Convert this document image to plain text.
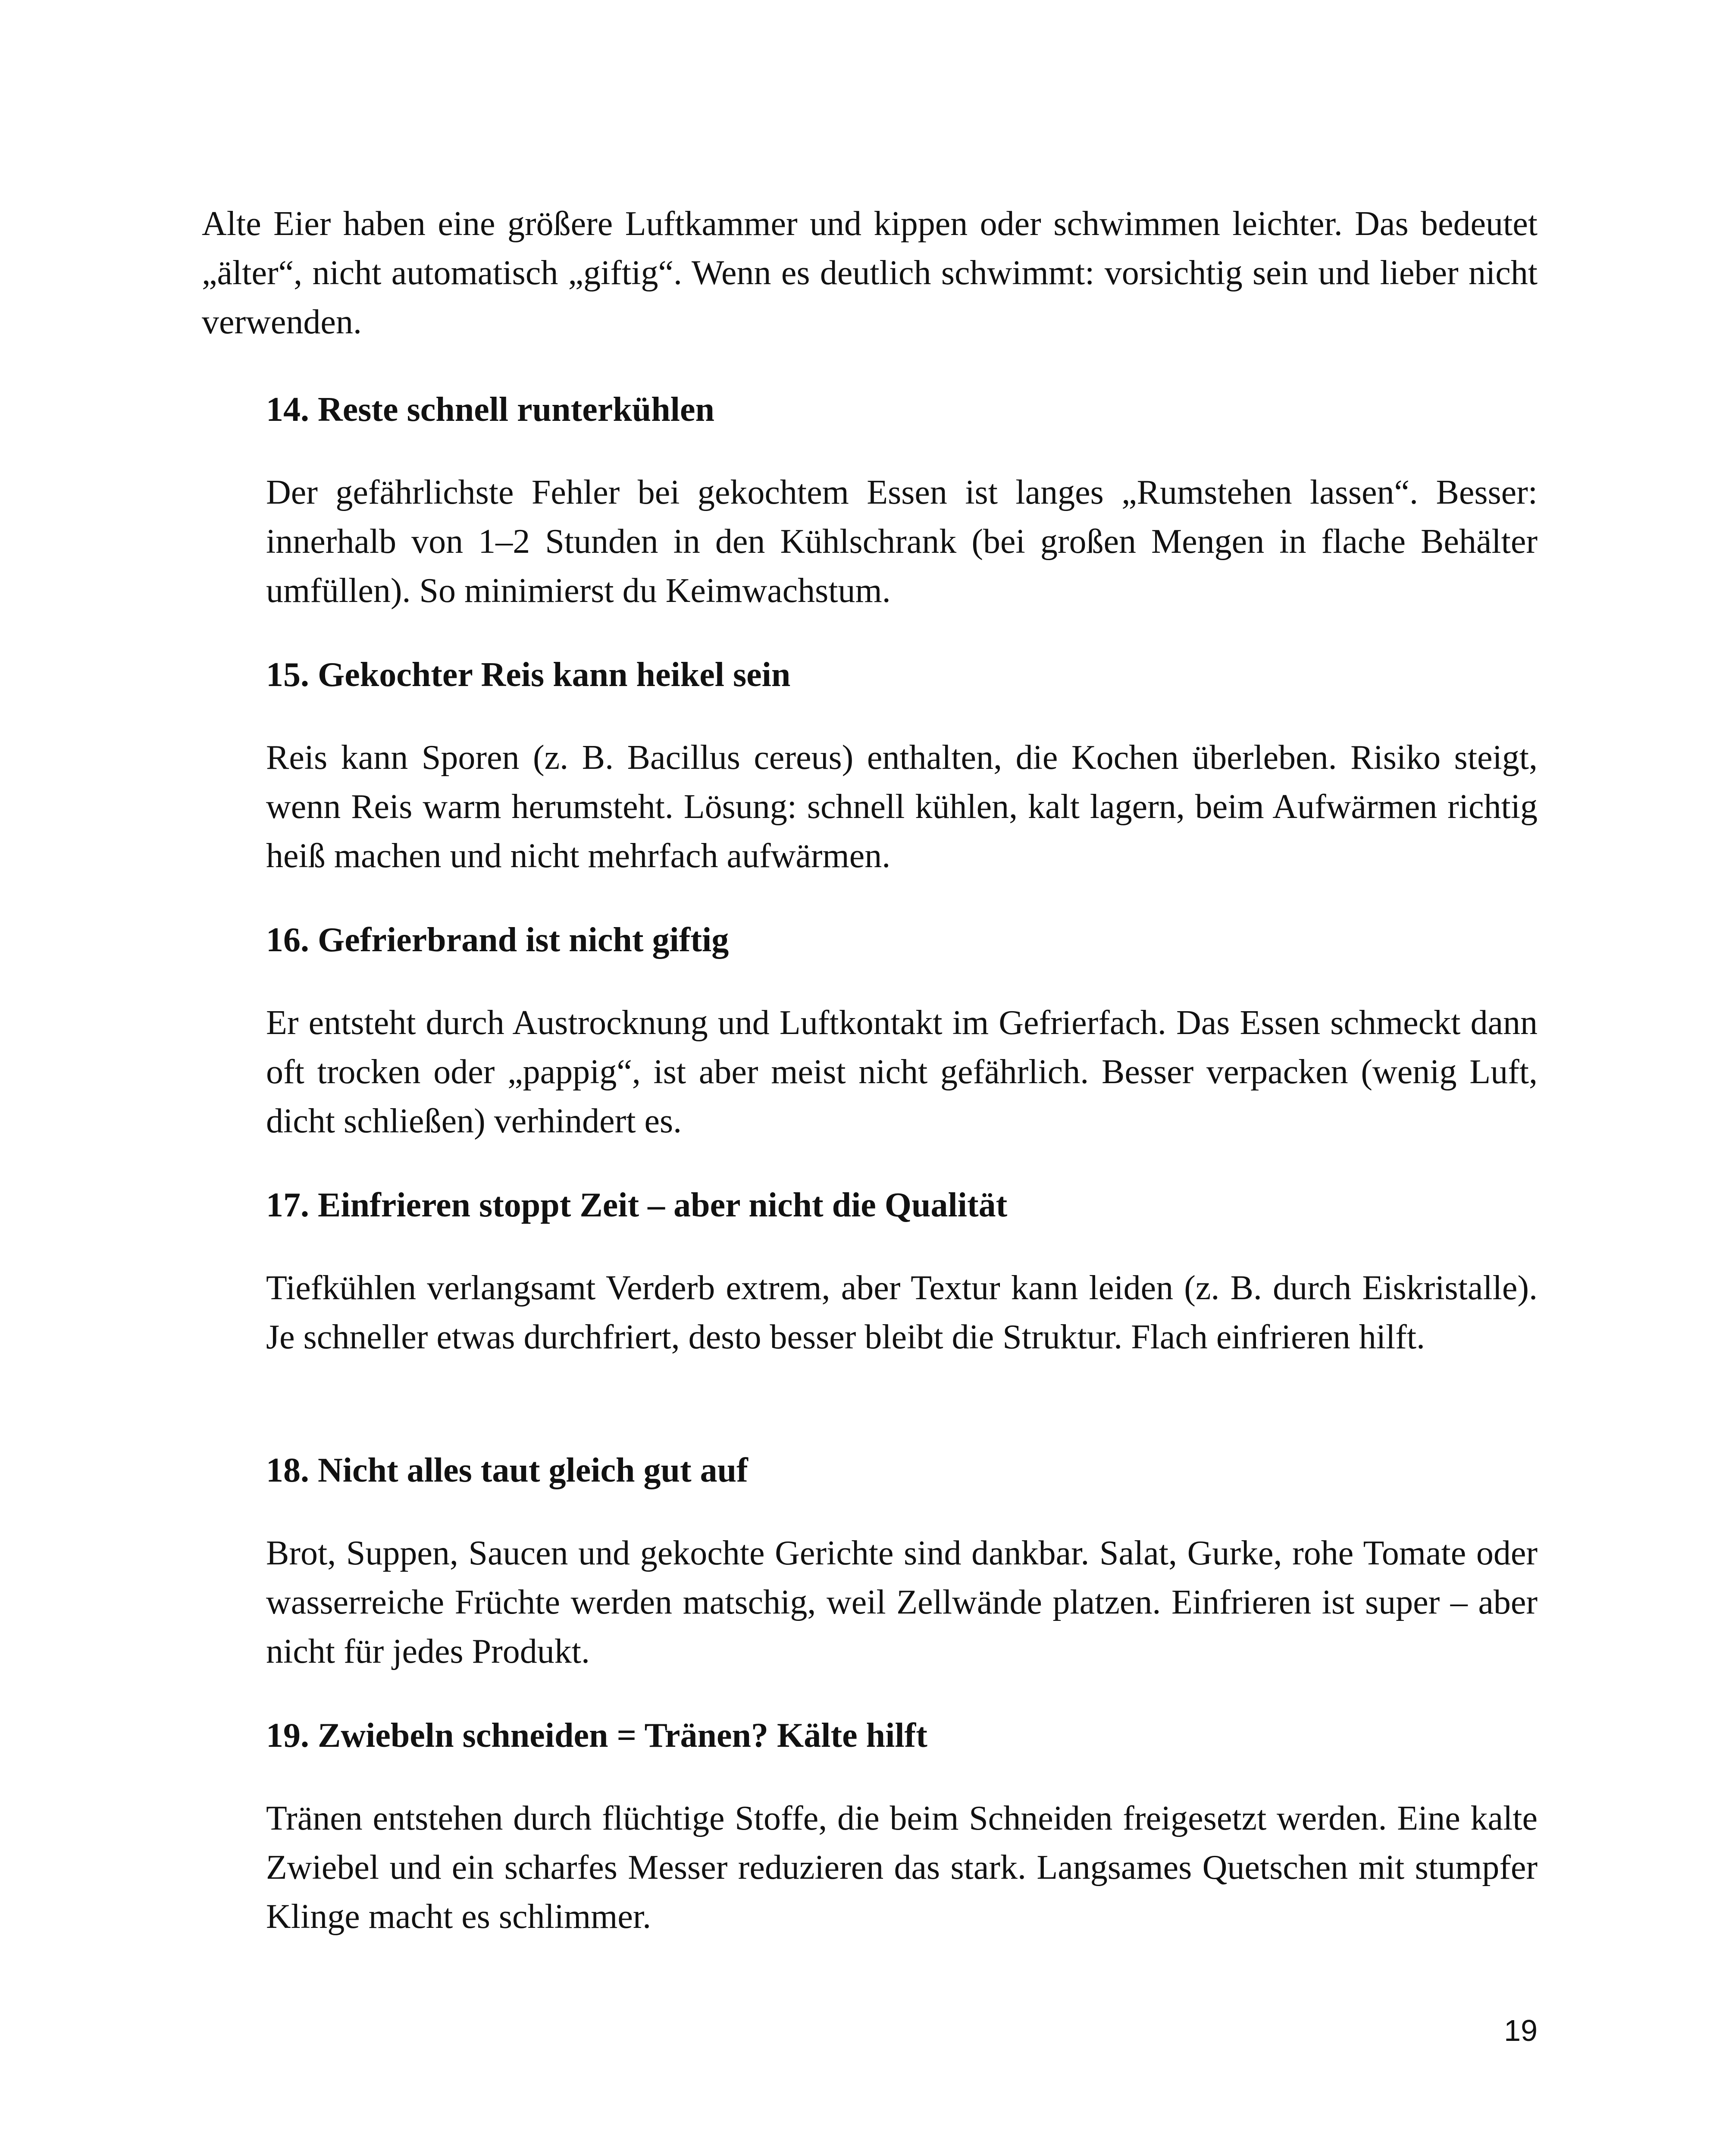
Alte Eier haben eine größere Luftkammer und kippen oder schwimmen leichter. Das bedeutet „älter“, nicht automatisch „giftig“. Wenn es deutlich schwimmt: vorsichtig sein und lieber nicht verwenden.

14. Reste schnell runterkühlen

Der gefährlichste Fehler bei gekochtem Essen ist langes „Rumstehen lassen“. Besser: innerhalb von 1–2 Stunden in den Kühlschrank (bei großen Mengen in flache Behälter umfüllen). So minimierst du Keimwachstum.

15. Gekochter Reis kann heikel sein

Reis kann Sporen (z. B. Bacillus cereus) enthalten, die Kochen überleben. Risiko steigt, wenn Reis warm herumsteht. Lösung: schnell kühlen, kalt lagern, beim Aufwärmen richtig heiß machen und nicht mehrfach aufwärmen.

16. Gefrierbrand ist nicht giftig

Er entsteht durch Austrocknung und Luftkontakt im Gefrierfach. Das Essen schmeckt dann oft trocken oder „pappig“, ist aber meist nicht gefährlich. Besser verpacken (wenig Luft, dicht schließen) verhindert es.

17. Einfrieren stoppt Zeit – aber nicht die Qualität

Tiefkühlen verlangsamt Verderb extrem, aber Textur kann leiden (z. B. durch Eiskristalle). Je schneller etwas durchfriert, desto besser bleibt die Struktur. Flach einfrieren hilft.

18. Nicht alles taut gleich gut auf

Brot, Suppen, Saucen und gekochte Gerichte sind dankbar. Salat, Gurke, rohe Tomate oder wasserreiche Früchte werden matschig, weil Zellwände platzen. Einfrieren ist super – aber nicht für jedes Produkt.

19. Zwiebeln schneiden = Tränen? Kälte hilft

Tränen entstehen durch flüchtige Stoffe, die beim Schneiden freigesetzt werden. Eine kalte Zwiebel und ein scharfes Messer reduzieren das stark. Langsames Quetschen mit stumpfer Klinge macht es schlimmer.

19
